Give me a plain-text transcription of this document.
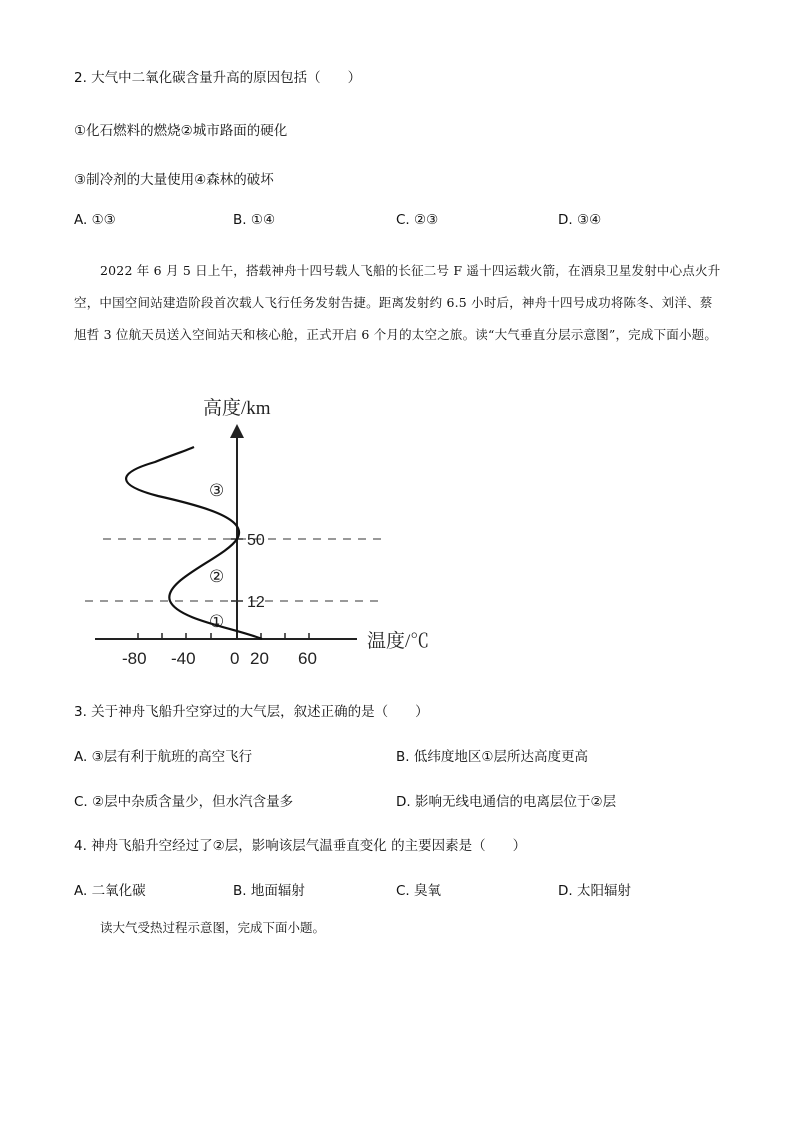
2. 大气中二氧化碳含量升高的原因包括（　　）
①化石燃料的燃烧②城市路面的硬化
③制冷剂的大量使用④森林的破坏
A. ①③	B. ①④	C. ②③	D. ③④
2022 年 6 月 5 日上午，搭载神舟十四号载人飞船的长征二号 F 遥十四运载火箭，在酒泉卫星发射中心点火升空，中国空间站建造阶段首次载人飞行任务发射告捷。距离发射约 6.5 小时后，神舟十四号成功将陈冬、刘洋、蔡旭哲 3 位航天员送入空间站天和核心舱，正式开启 6 个月的太空之旅。读“大气垂直分层示意图”，完成下面小题。
高度/km
温度/℃
①
②
③
12
50
-80 -40 0 20 60
3. 关于神舟飞船升空穿过的大气层，叙述正确的是（　　）
A. ③层有利于航班的高空飞行	B. 低纬度地区①层所达高度更高
C. ②层中杂质含量少，但水汽含量多	D. 影响无线电通信的电离层位于②层
4. 神舟飞船升空经过了②层，影响该层气温垂直变化 的主要因素是（　　）
A. 二氧化碳	B. 地面辐射	C. 臭氧	D. 太阳辐射
读大气受热过程示意图，完成下面小题。
